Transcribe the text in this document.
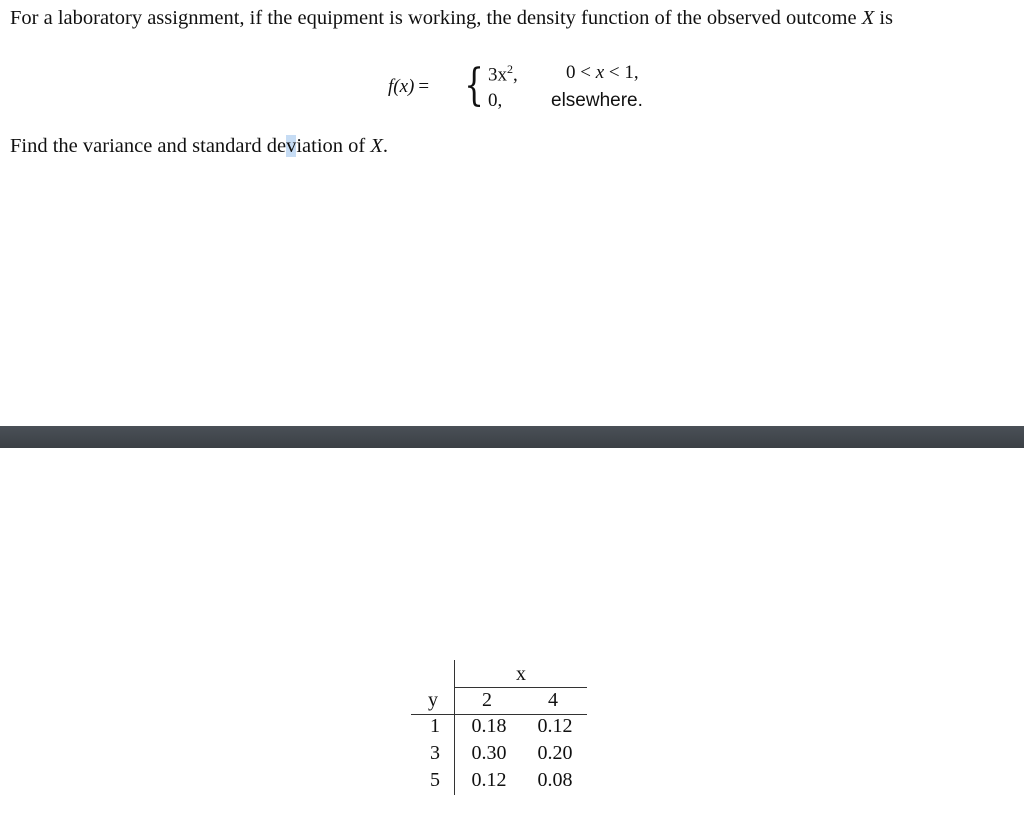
For a laboratory assignment, if the equipment is working, the density function of the observed outcome X is

f(x) = { $3x^2$,	0 < x < 1,
0,	elsewhere.

Find the variance and standard deviation of X.

x
y	2	4
1	0.18	0.12
3	0.30	0.20
5	0.12	0.08
